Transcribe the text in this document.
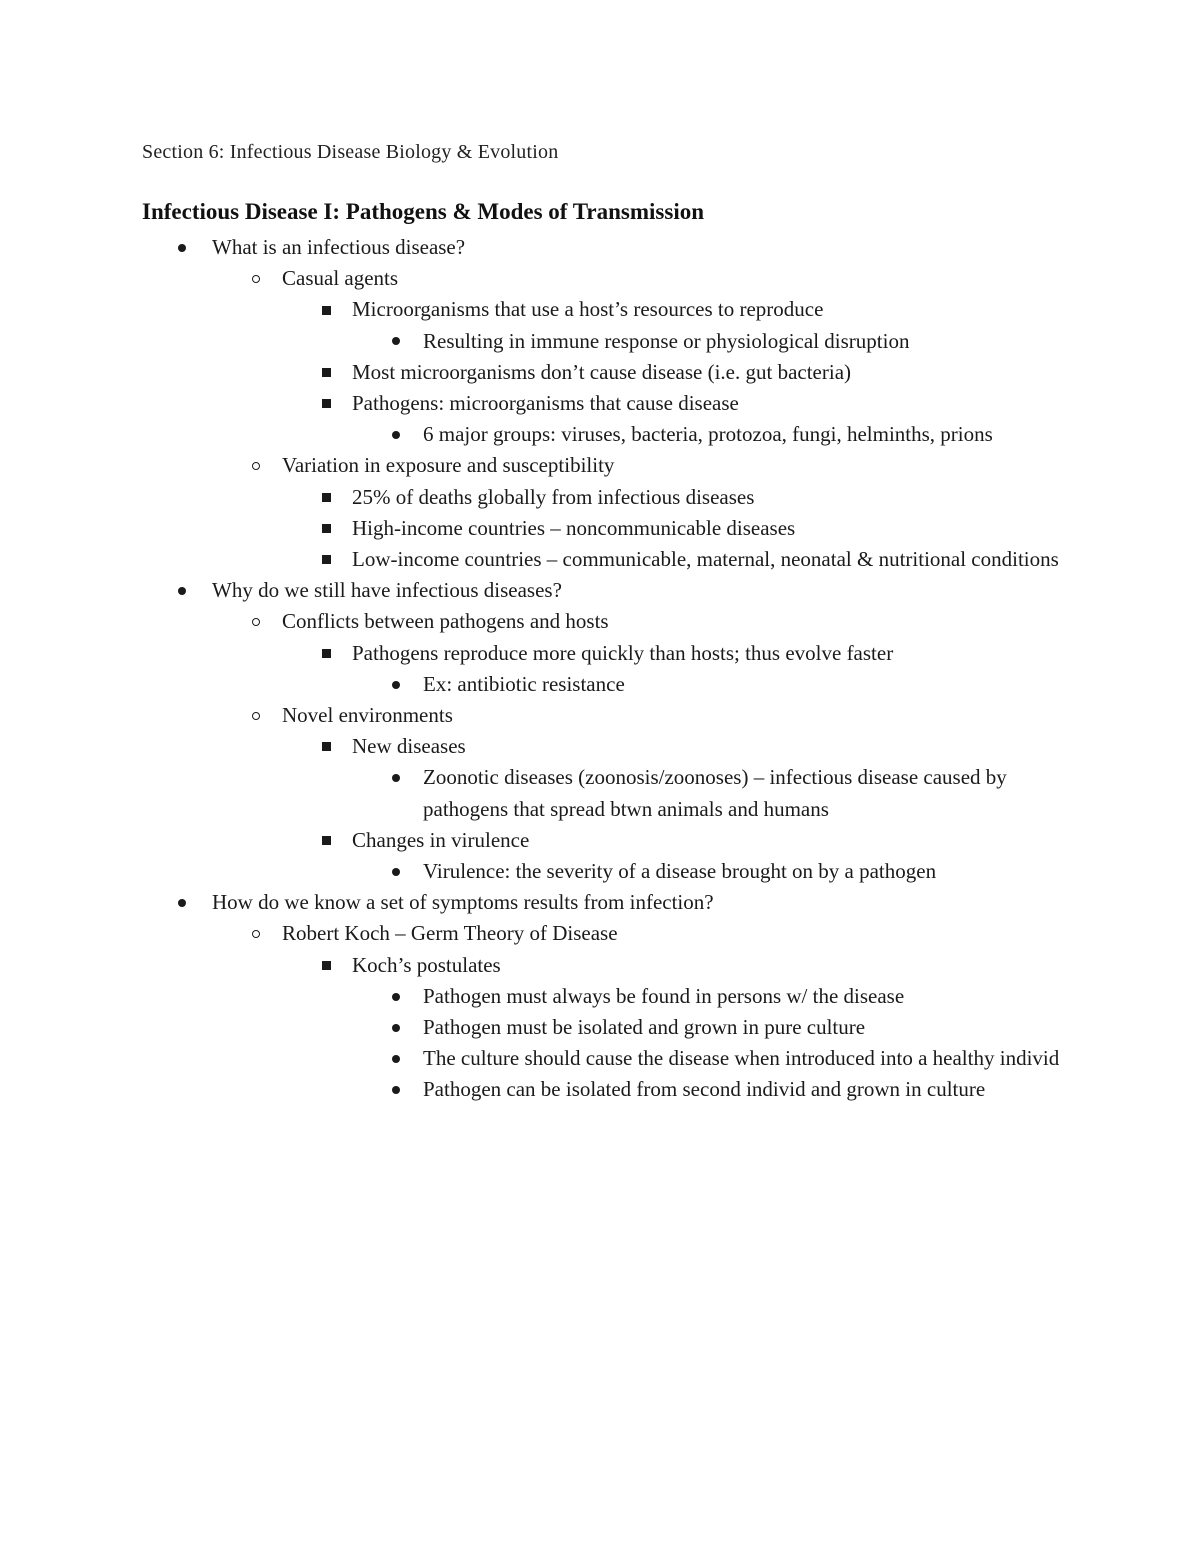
Section 6: Infectious Disease Biology & Evolution
Infectious Disease I: Pathogens & Modes of Transmission
What is an infectious disease?
Casual agents
Microorganisms that use a host’s resources to reproduce
Resulting in immune response or physiological disruption
Most microorganisms don’t cause disease (i.e. gut bacteria)
Pathogens: microorganisms that cause disease
6 major groups: viruses, bacteria, protozoa, fungi, helminths, prions
Variation in exposure and susceptibility
25% of deaths globally from infectious diseases
High-income countries – noncommunicable diseases
Low-income countries – communicable, maternal, neonatal & nutritional conditions
Why do we still have infectious diseases?
Conflicts between pathogens and hosts
Pathogens reproduce more quickly than hosts; thus evolve faster
Ex: antibiotic resistance
Novel environments
New diseases
Zoonotic diseases (zoonosis/zoonoses) – infectious disease caused by pathogens that spread btwn animals and humans
Changes in virulence
Virulence: the severity of a disease brought on by a pathogen
How do we know a set of symptoms results from infection?
Robert Koch – Germ Theory of Disease
Koch’s postulates
Pathogen must always be found in persons w/ the disease
Pathogen must be isolated and grown in pure culture
The culture should cause the disease when introduced into a healthy individ
Pathogen can be isolated from second individ and grown in culture
